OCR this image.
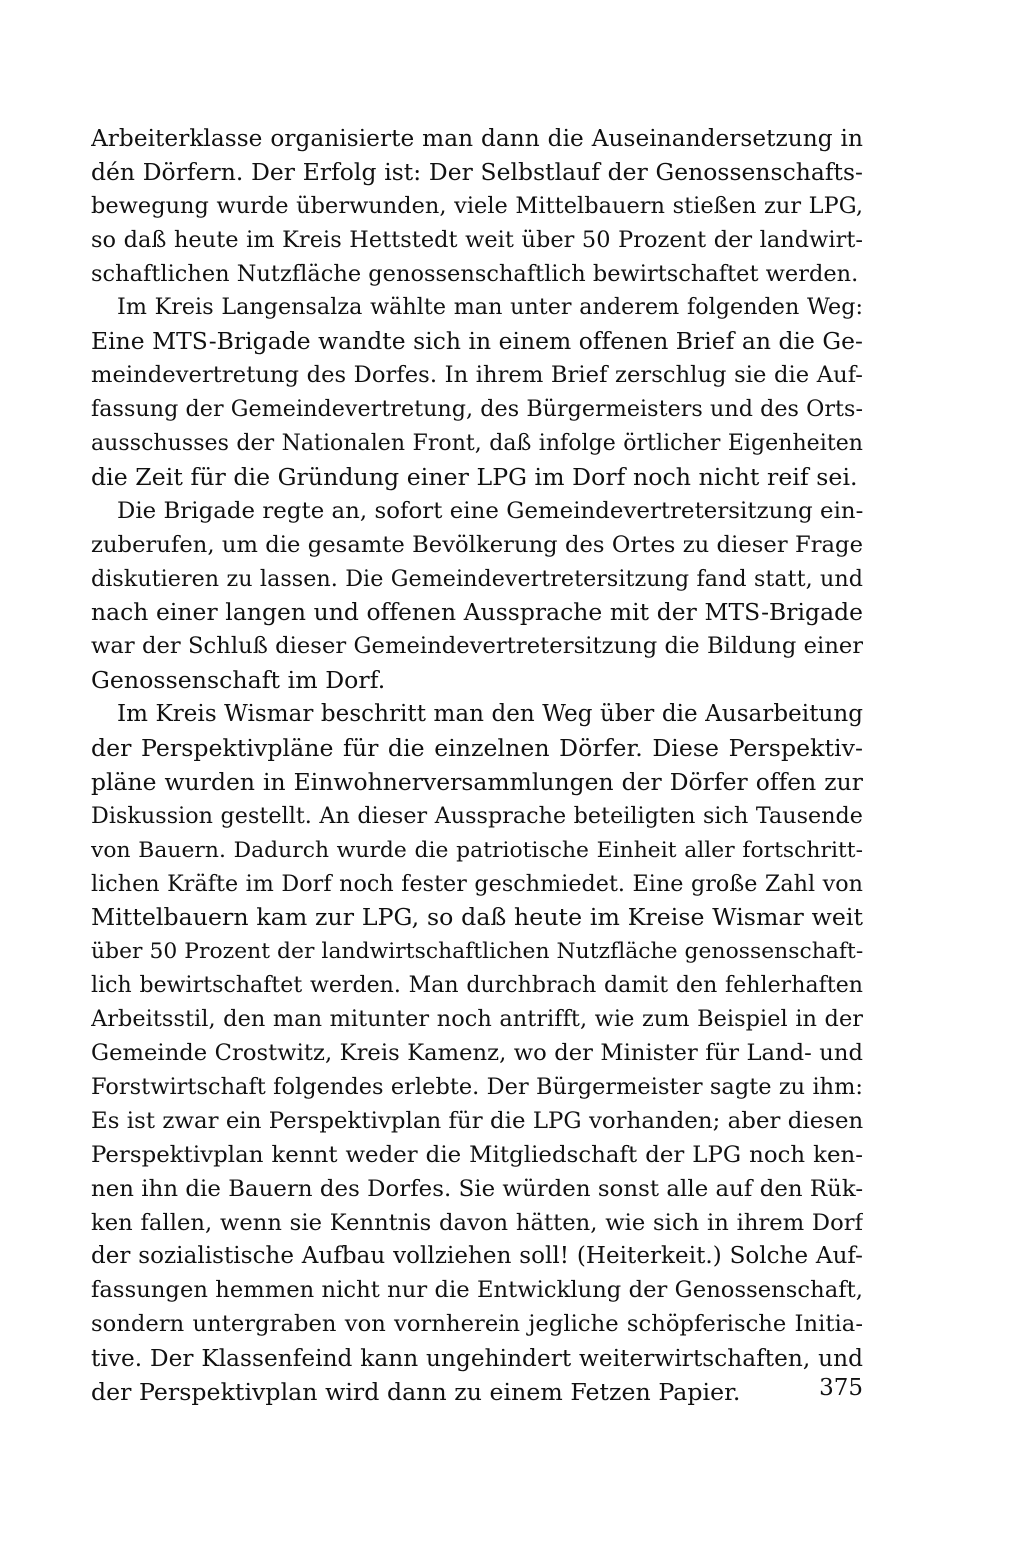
Arbeiterklasse organisierte man dann die Auseinandersetzung in
dén Dörfern. Der Erfolg ist: Der Selbstlauf der Genossenschafts-
bewegung wurde überwunden, viele Mittelbauern stießen zur LPG,
so daß heute im Kreis Hettstedt weit über 50 Prozent der landwirt-
schaftlichen Nutzfläche genossenschaftlich bewirtschaftet werden.
Im Kreis Langensalza wählte man unter anderem folgenden Weg:
Eine MTS-Brigade wandte sich in einem offenen Brief an die Ge-
meindevertretung des Dorfes. In ihrem Brief zerschlug sie die Auf-
fassung der Gemeindevertretung, des Bürgermeisters und des Orts-
ausschusses der Nationalen Front, daß infolge örtlicher Eigenheiten
die Zeit für die Gründung einer LPG im Dorf noch nicht reif sei.
Die Brigade regte an, sofort eine Gemeindevertretersitzung ein-
zuberufen, um die gesamte Bevölkerung des Ortes zu dieser Frage
diskutieren zu lassen. Die Gemeindevertretersitzung fand statt, und
nach einer langen und offenen Aussprache mit der MTS-Brigade
war der Schluß dieser Gemeindevertretersitzung die Bildung einer
Genossenschaft im Dorf.
Im Kreis Wismar beschritt man den Weg über die Ausarbeitung
der Perspektivpläne für die einzelnen Dörfer. Diese Perspektiv-
pläne wurden in Einwohnerversammlungen der Dörfer offen zur
Diskussion gestellt. An dieser Aussprache beteiligten sich Tausende
von Bauern. Dadurch wurde die patriotische Einheit aller fortschritt-
lichen Kräfte im Dorf noch fester geschmiedet. Eine große Zahl von
Mittelbauern kam zur LPG, so daß heute im Kreise Wismar weit
über 50 Prozent der landwirtschaftlichen Nutzfläche genossenschaft-
lich bewirtschaftet werden. Man durchbrach damit den fehlerhaften
Arbeitsstil, den man mitunter noch antrifft, wie zum Beispiel in der
Gemeinde Crostwitz, Kreis Kamenz, wo der Minister für Land- und
Forstwirtschaft folgendes erlebte. Der Bürgermeister sagte zu ihm:
Es ist zwar ein Perspektivplan für die LPG vorhanden; aber diesen
Perspektivplan kennt weder die Mitgliedschaft der LPG noch ken-
nen ihn die Bauern des Dorfes. Sie würden sonst alle auf den Rük-
ken fallen, wenn sie Kenntnis davon hätten, wie sich in ihrem Dorf
der sozialistische Aufbau vollziehen soll! (Heiterkeit.) Solche Auf-
fassungen hemmen nicht nur die Entwicklung der Genossenschaft,
sondern untergraben von vornherein jegliche schöpferische Initia-
tive. Der Klassenfeind kann ungehindert weiterwirtschaften, und
der Perspektivplan wird dann zu einem Fetzen Papier.	375
